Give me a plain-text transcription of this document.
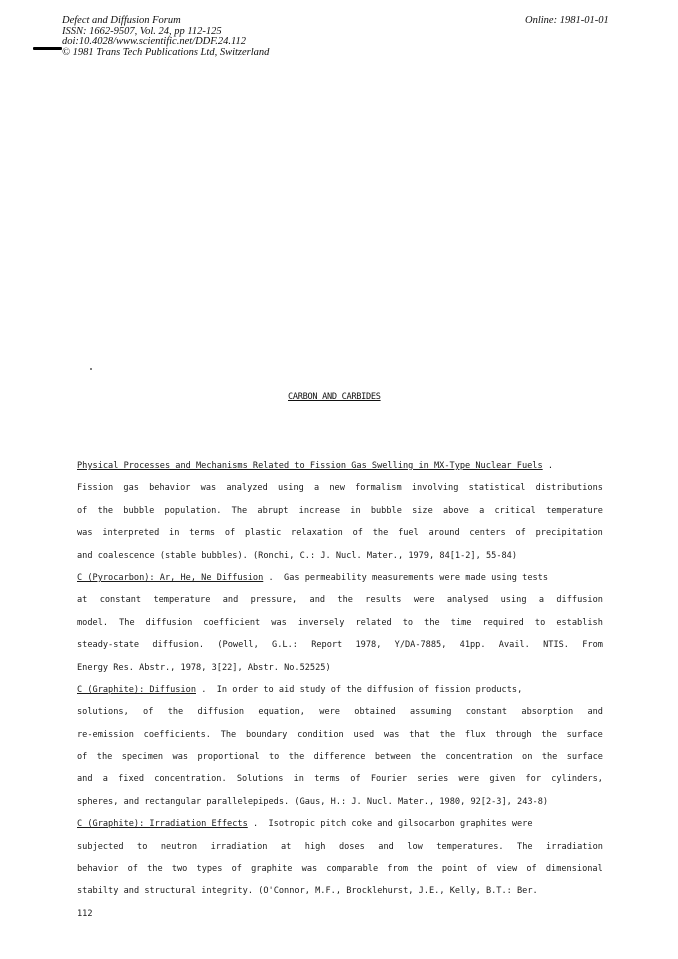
Defect and Diffusion Forum
ISSN: 1662-9507, Vol. 24, pp 112-125
doi:10.4028/www.scientific.net/DDF.24.112
© 1981 Trans Tech Publications Ltd, Switzerland
Online: 1981-01-01
CARBON AND CARBIDES
Physical Processes and Mechanisms Related to Fission Gas Swelling in MX-Type Nuclear Fuels .
Fission gas behavior was analyzed using a new formalism involving statistical distributions
of the bubble population. The abrupt increase in bubble size above a critical temperature
was interpreted in terms of plastic relaxation of the fuel around centers of precipitation
and coalescence (stable bubbles). (Ronchi, C.: J. Nucl. Mater., 1979, 84[1-2], 55-84)
C (Pyrocarbon): Ar, He, Ne Diffusion .	Gas permeability measurements were made using tests
at constant temperature and pressure, and the results were analysed using a diffusion
model. The diffusion coefficient was inversely related to the time required to establish
steady-state diffusion. (Powell, G.L.: Report 1978, Y/DA-7885, 41pp. Avail. NTIS. From
Energy Res. Abstr., 1978, 3[22], Abstr. No.52525)
C (Graphite): Diffusion .	In order to aid study of the diffusion of fission products,
solutions, of the diffusion equation, were obtained assuming constant absorption and
re-emission coefficients. The boundary condition used was that the flux through the surface
of the specimen was proportional to the difference between the concentration on the surface
and a fixed concentration. Solutions in terms of Fourier series were given for cylinders,
spheres, and rectangular parallelepipeds. (Gaus, H.: J. Nucl. Mater., 1980, 92[2-3], 243-8)
C (Graphite): Irradiation Effects .	Isotropic pitch coke and gilsocarbon graphites were
subjected to neutron irradiation at high doses and low temperatures. The irradiation
behavior of the two types of graphite was comparable from the point of view of dimensional
stabilty and structural integrity. (O'Connor, M.F., Brocklehurst, J.E., Kelly, B.T.: Ber.
112
